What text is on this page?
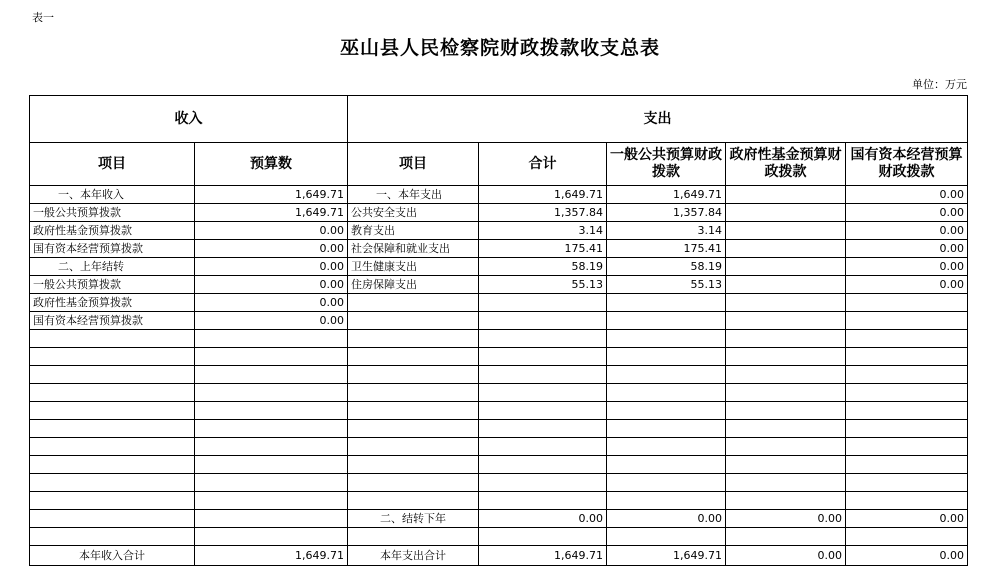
表一
巫山县人民检察院财政拨款收支总表
单位：万元
收入		支出				
项目	预算数	项目	合计	一般公共预算财政拨款	政府性基金预算财政拨款	国有资本经营预算财政拨款
一、本年收入	1,649.71	一、本年支出	1,649.71	1,649.71		0.00
一般公共预算拨款	1,649.71	公共安全支出	1,357.84	1,357.84		0.00
政府性基金预算拨款	0.00	教育支出	3.14	3.14		0.00
国有资本经营预算拨款	0.00	社会保障和就业支出	175.41	175.41		0.00
二、上年结转	0.00	卫生健康支出	58.19	58.19		0.00
一般公共预算拨款	0.00	住房保障支出	55.13	55.13		0.00
政府性基金预算拨款	0.00					
国有资本经营预算拨款	0.00					

		二、结转下年	0.00	0.00	0.00	0.00

本年收入合计	1,649.71	本年支出合计	1,649.71	1,649.71	0.00	0.00
